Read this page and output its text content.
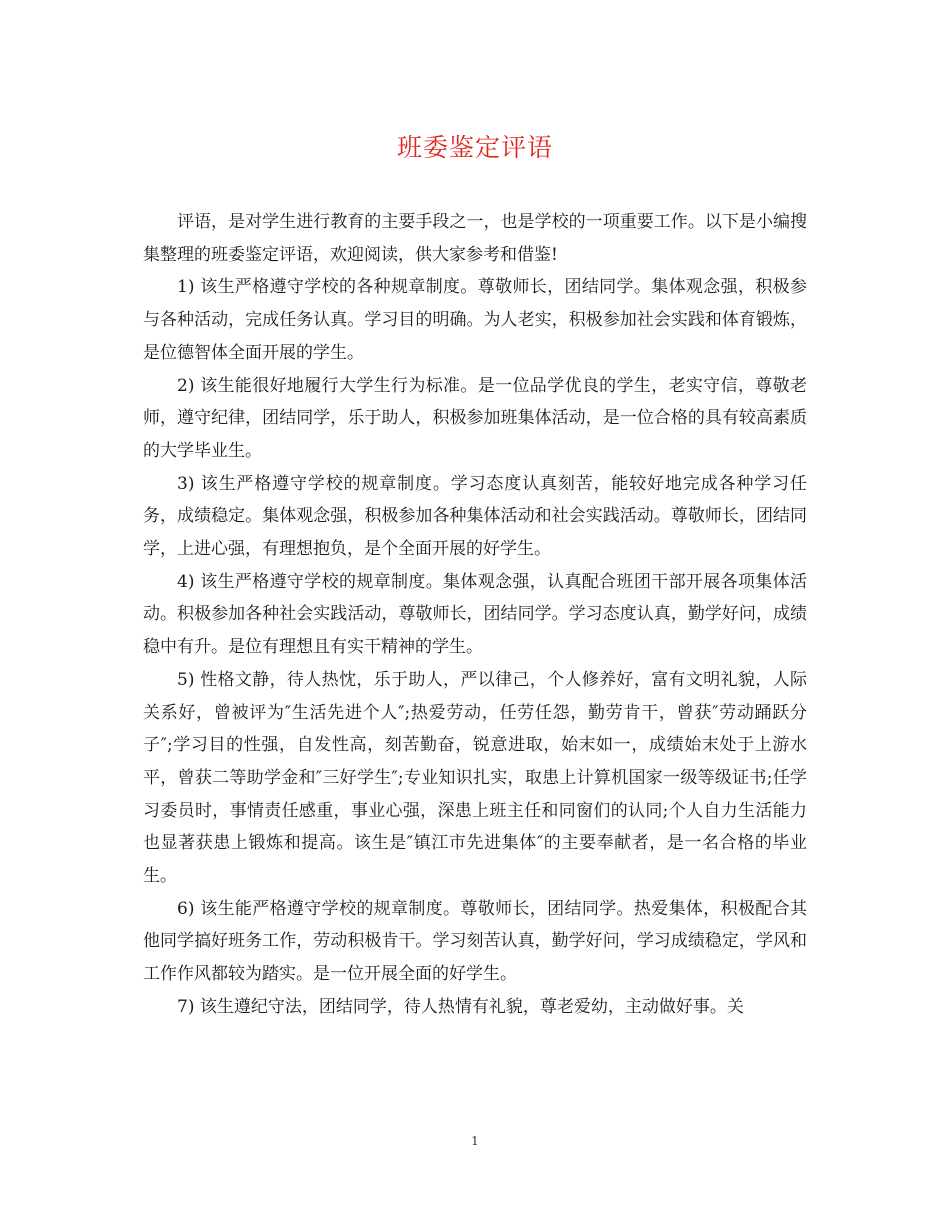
班委鉴定评语

评语，是对学生进行教育的主要手段之一，也是学校的一项重要工作。以下是小编搜集整理的班委鉴定评语，欢迎阅读，供大家参考和借鉴!

1) 该生严格遵守学校的各种规章制度。尊敬师长，团结同学。集体观念强，积极参与各种活动，完成任务认真。学习目的明确。为人老实，积极参加社会实践和体育锻炼，是位德智体全面开展的学生。

2) 该生能很好地履行大学生行为标准。是一位品学优良的学生，老实守信，尊敬老师，遵守纪律，团结同学，乐于助人，积极参加班集体活动，是一位合格的具有较高素质的大学毕业生。

3) 该生严格遵守学校的规章制度。学习态度认真刻苦，能较好地完成各种学习任务，成绩稳定。集体观念强，积极参加各种集体活动和社会实践活动。尊敬师长，团结同学，上进心强，有理想抱负，是个全面开展的好学生。

4) 该生严格遵守学校的规章制度。集体观念强，认真配合班团干部开展各项集体活动。积极参加各种社会实践活动，尊敬师长，团结同学。学习态度认真，勤学好问，成绩稳中有升。是位有理想且有实干精神的学生。

5) 性格文静，待人热忱，乐于助人，严以律己，个人修养好，富有文明礼貌，人际关系好，曾被评为″生活先进个人″;热爱劳动，任劳任怨，勤劳肯干，曾获″劳动踊跃分子″;学习目的性强，自发性高，刻苦勤奋，锐意进取，始末如一，成绩始末处于上游水平，曾获二等助学金和″三好学生″;专业知识扎实，取患上计算机国家一级等级证书;任学习委员时，事情责任感重，事业心强，深患上班主任和同窗们的认同;个人自力生活能力也显著获患上锻炼和提高。该生是″镇江市先进集体″的主要奉献者，是一名合格的毕业生。

6) 该生能严格遵守学校的规章制度。尊敬师长，团结同学。热爱集体，积极配合其他同学搞好班务工作，劳动积极肯干。学习刻苦认真，勤学好问，学习成绩稳定，学风和工作作风都较为踏实。是一位开展全面的好学生。

7) 该生遵纪守法，团结同学，待人热情有礼貌，尊老爱幼，主动做好事。关

1
